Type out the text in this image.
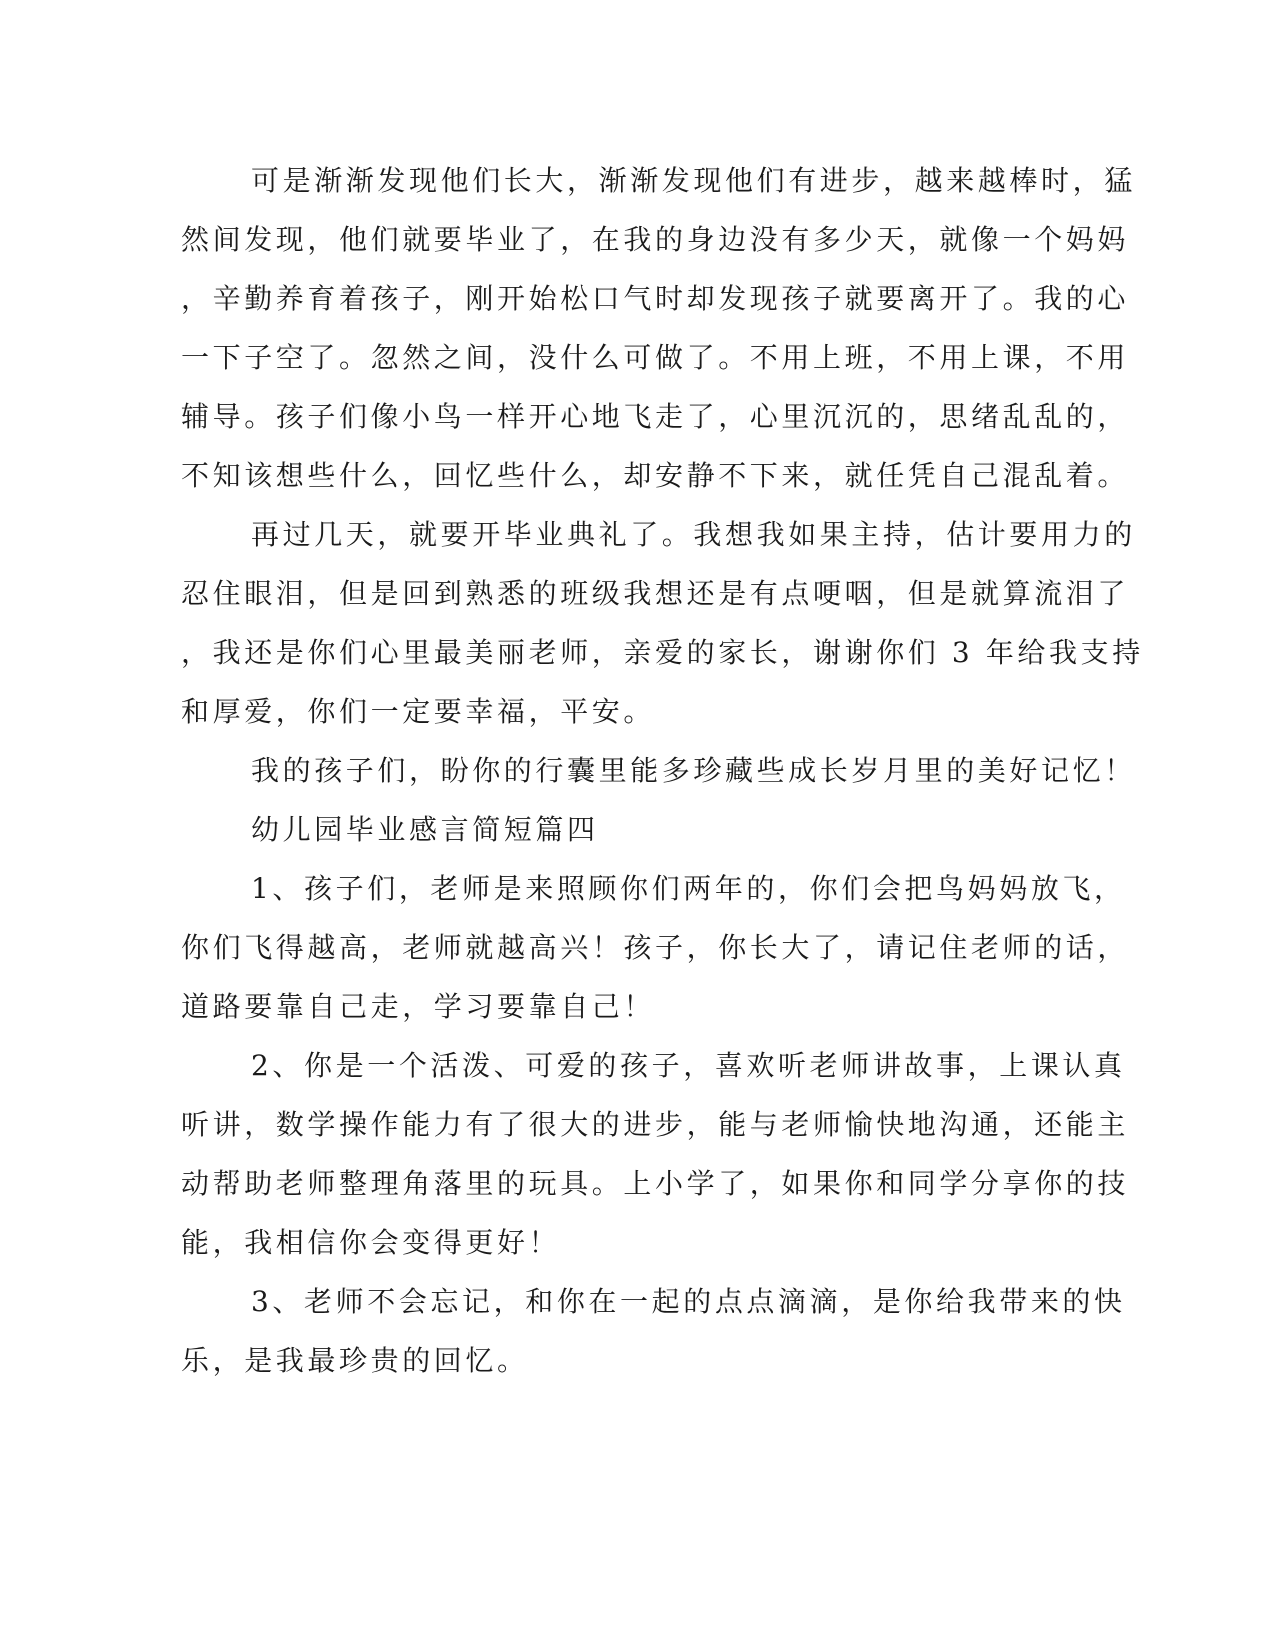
可是渐渐发现他们长大，渐渐发现他们有进步，越来越棒时，猛
然间发现，他们就要毕业了，在我的身边没有多少天，就像一个妈妈
，辛勤养育着孩子，刚开始松口气时却发现孩子就要离开了。我的心
一下子空了。忽然之间，没什么可做了。不用上班，不用上课，不用
辅导。孩子们像小鸟一样开心地飞走了，心里沉沉的，思绪乱乱的，
不知该想些什么，回忆些什么，却安静不下来，就任凭自己混乱着。
再过几天，就要开毕业典礼了。我想我如果主持，估计要用力的
忍住眼泪，但是回到熟悉的班级我想还是有点哽咽，但是就算流泪了
，我还是你们心里最美丽老师，亲爱的家长，谢谢你们 3 年给我支持
和厚爱，你们一定要幸福，平安。
我的孩子们，盼你的行囊里能多珍藏些成长岁月里的美好记忆！
幼儿园毕业感言简短篇四
1、孩子们，老师是来照顾你们两年的，你们会把鸟妈妈放飞，
你们飞得越高，老师就越高兴！孩子，你长大了，请记住老师的话，
道路要靠自己走，学习要靠自己！
2、你是一个活泼、可爱的孩子，喜欢听老师讲故事，上课认真
听讲，数学操作能力有了很大的进步，能与老师愉快地沟通，还能主
动帮助老师整理角落里的玩具。上小学了，如果你和同学分享你的技
能，我相信你会变得更好！
3、老师不会忘记，和你在一起的点点滴滴，是你给我带来的快
乐，是我最珍贵的回忆。
